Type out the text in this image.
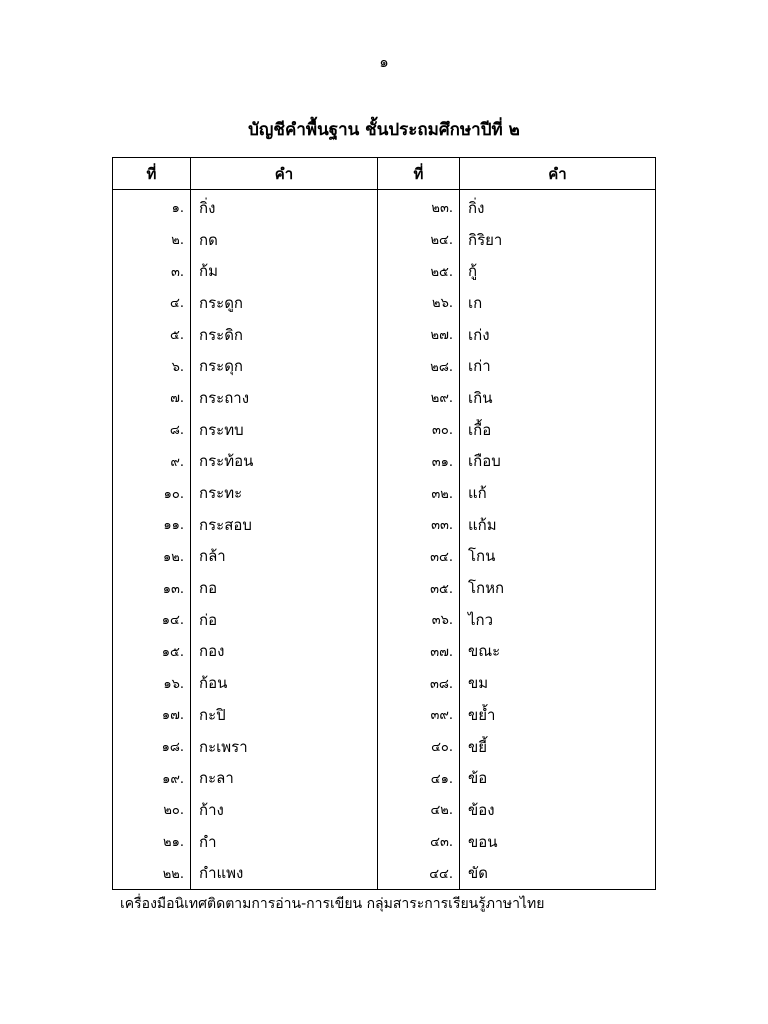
๑
บัญชีคำพื้นฐาน ชั้นประถมศึกษาปีที่ ๒
ที่	คำ	ที่	คำ
๑.	กิ่ง	๒๓.	กิ่ง
๒.	กด	๒๔.	กิริยา
๓.	ก้ม	๒๕.	กู้
๔.	กระดูก	๒๖.	เก
๕.	กระดิก	๒๗.	เก่ง
๖.	กระดุก	๒๘.	เก่า
๗.	กระถาง	๒๙.	เกิน
๘.	กระทบ	๓๐.	เกื้อ
๙.	กระท้อน	๓๑.	เกือบ
๑๐.	กระทะ	๓๒.	แก้
๑๑.	กระสอบ	๓๓.	แก้ม
๑๒.	กล้า	๓๔.	โกน
๑๓.	กอ	๓๕.	โกหก
๑๔.	ก่อ	๓๖.	ไกว
๑๕.	กอง	๓๗.	ขณะ
๑๖.	ก้อน	๓๘.	ขม
๑๗.	กะปิ	๓๙.	ขย้ำ
๑๘.	กะเพรา	๔๐.	ขยี้
๑๙.	กะลา	๔๑.	ข้อ
๒๐.	ก้าง	๔๒.	ข้อง
๒๑.	กำ	๔๓.	ขอน
๒๒.	กำแพง	๔๔.	ขัด
เครื่องมือนิเทศติดตามการอ่าน-การเขียน กลุ่มสาระการเรียนรู้ภาษาไทย
